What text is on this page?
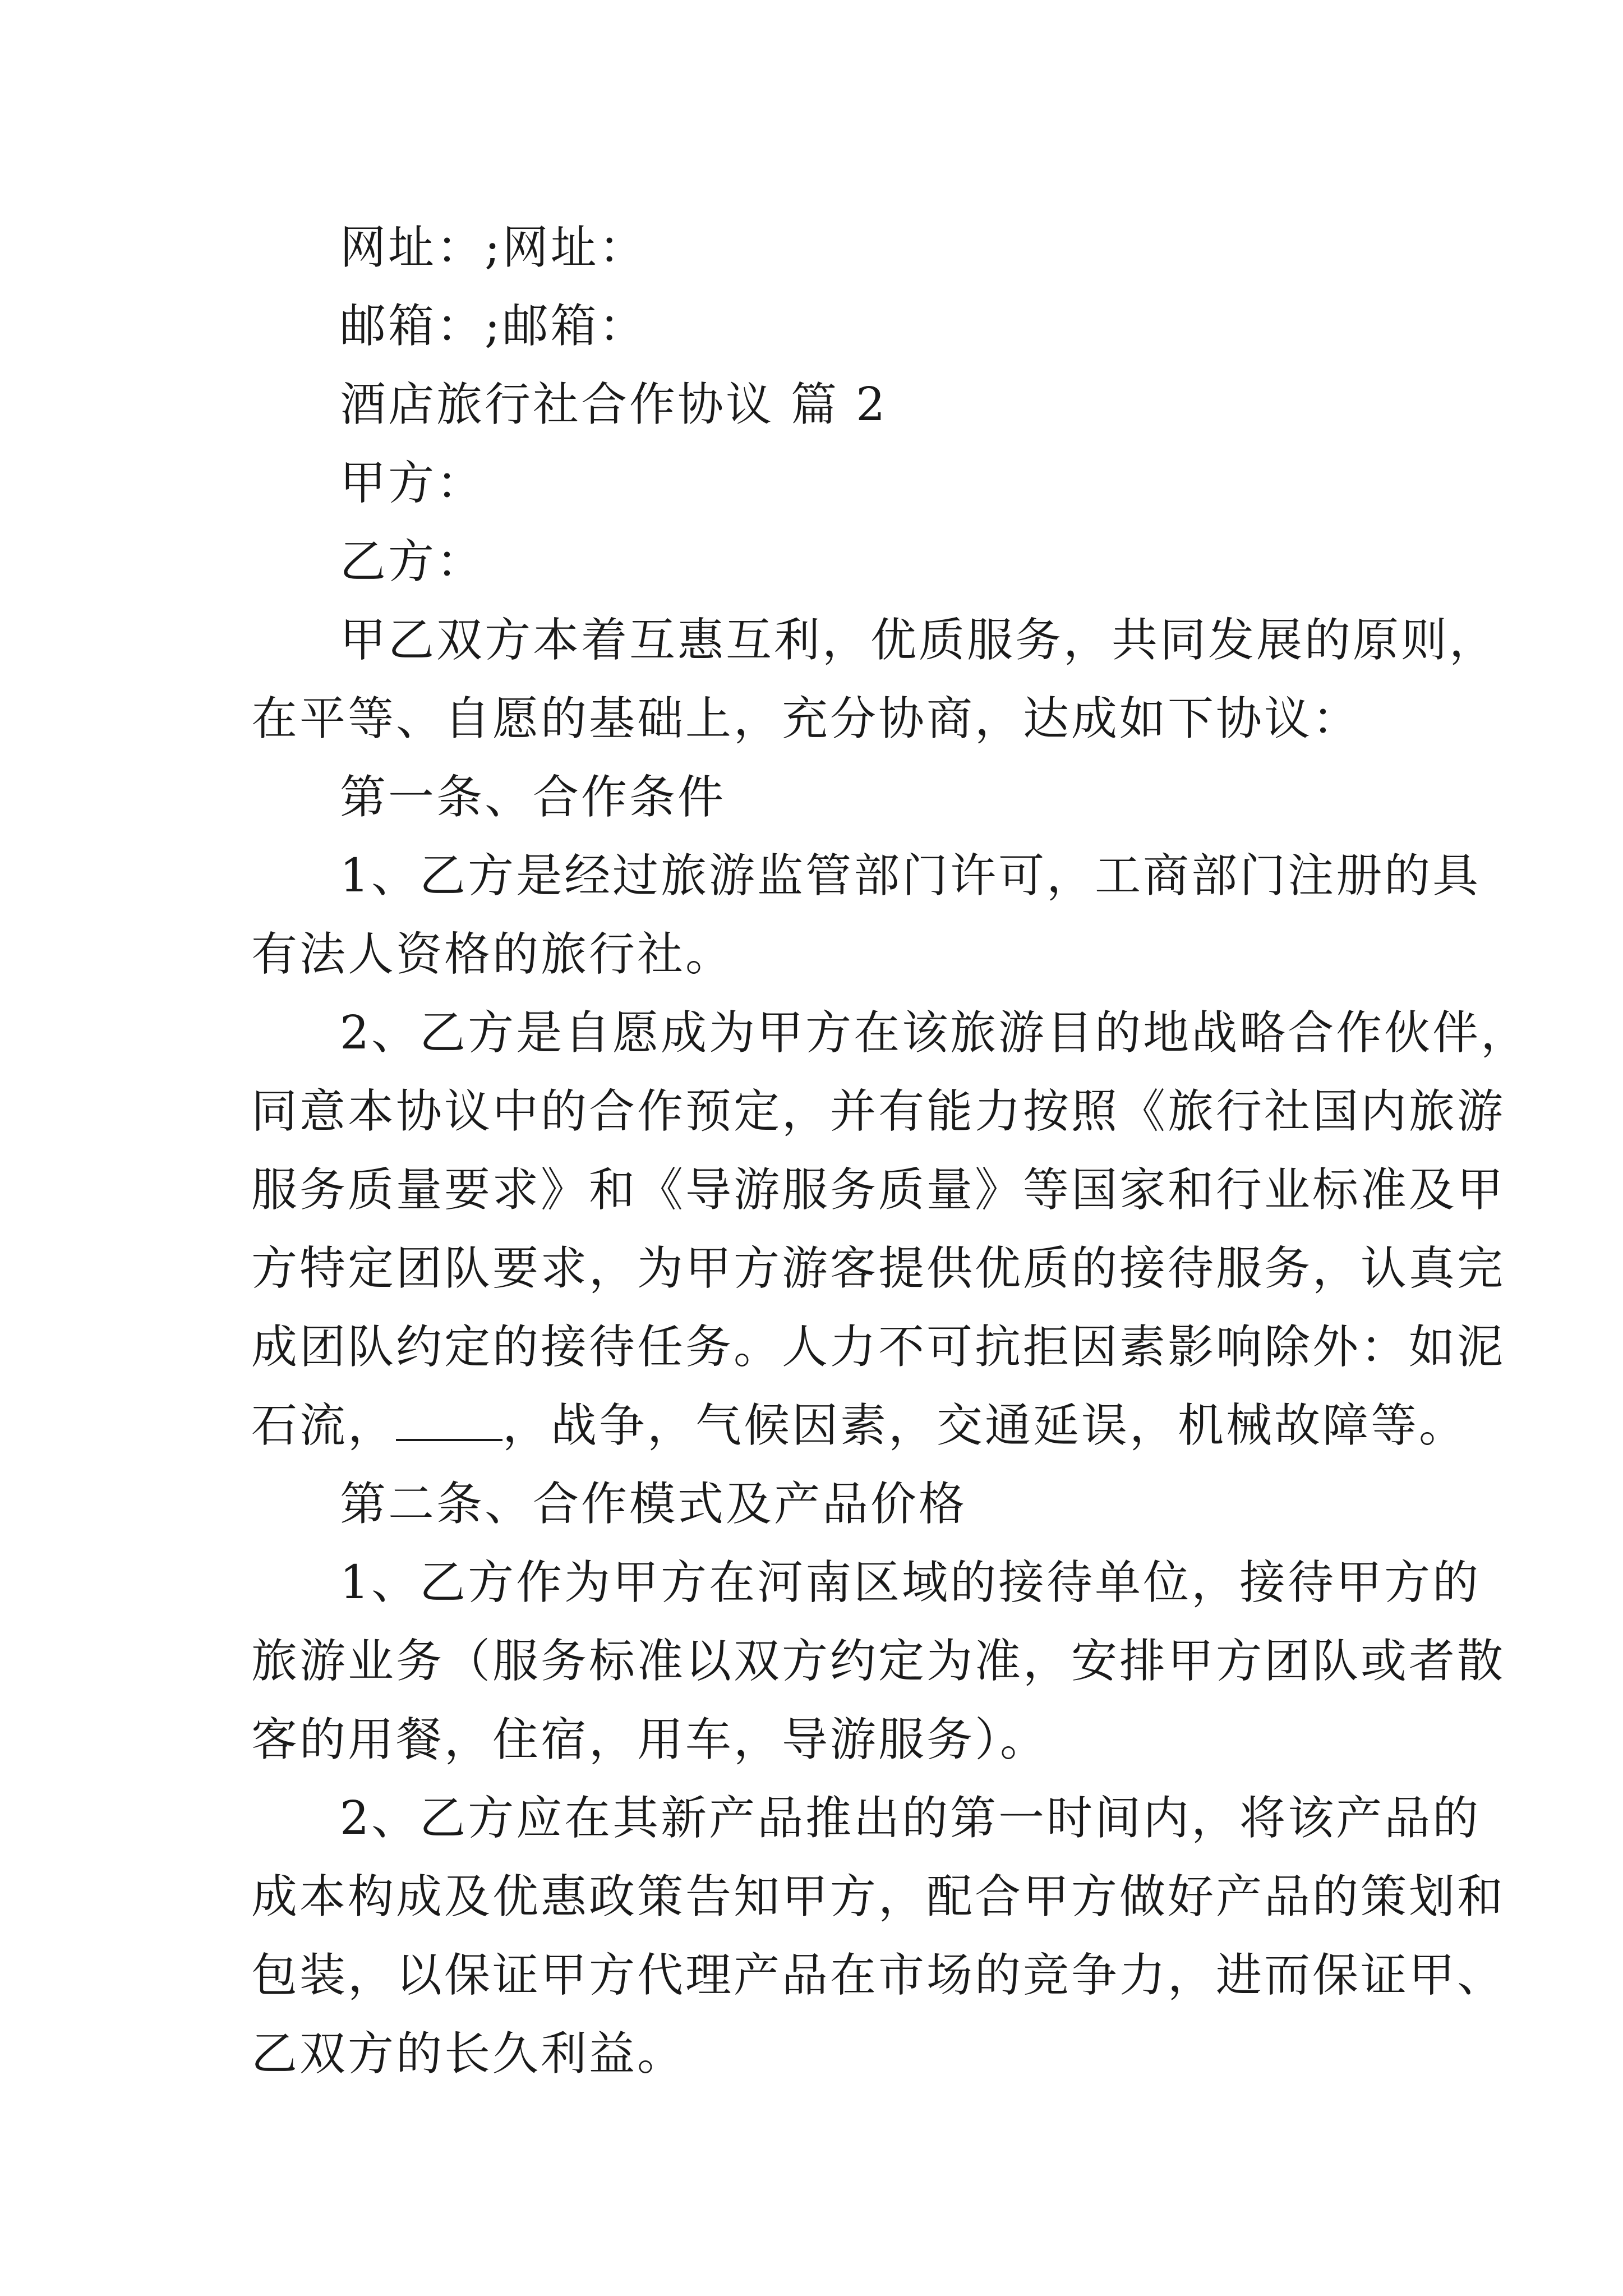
网址：;网址：
邮箱：;邮箱：
酒店旅行社合作协议 篇 2
甲方：
乙方：
甲乙双方本着互惠互利，优质服务，共同发展的原则，
在平等、自愿的基础上，充分协商，达成如下协议：
第一条、合作条件
1、乙方是经过旅游监管部门许可，工商部门注册的具
有法人资格的旅行社。
2、乙方是自愿成为甲方在该旅游目的地战略合作伙伴，
同意本协议中的合作预定，并有能力按照《旅行社国内旅游
服务质量要求》和《导游服务质量》等国家和行业标准及甲
方特定团队要求，为甲方游客提供优质的接待服务，认真完
成团队约定的接待任务。人力不可抗拒因素影响除外：如泥
石流， ，战争，气候因素，交通延误，机械故障等。
第二条、合作模式及产品价格
1、乙方作为甲方在河南区域的接待单位，接待甲方的
旅游业务（服务标准以双方约定为准，安排甲方团队或者散
客的用餐，住宿，用车，导游服务）。
2、乙方应在其新产品推出的第一时间内，将该产品的
成本构成及优惠政策告知甲方，配合甲方做好产品的策划和
包装，以保证甲方代理产品在市场的竞争力，进而保证甲、
乙双方的长久利益。
